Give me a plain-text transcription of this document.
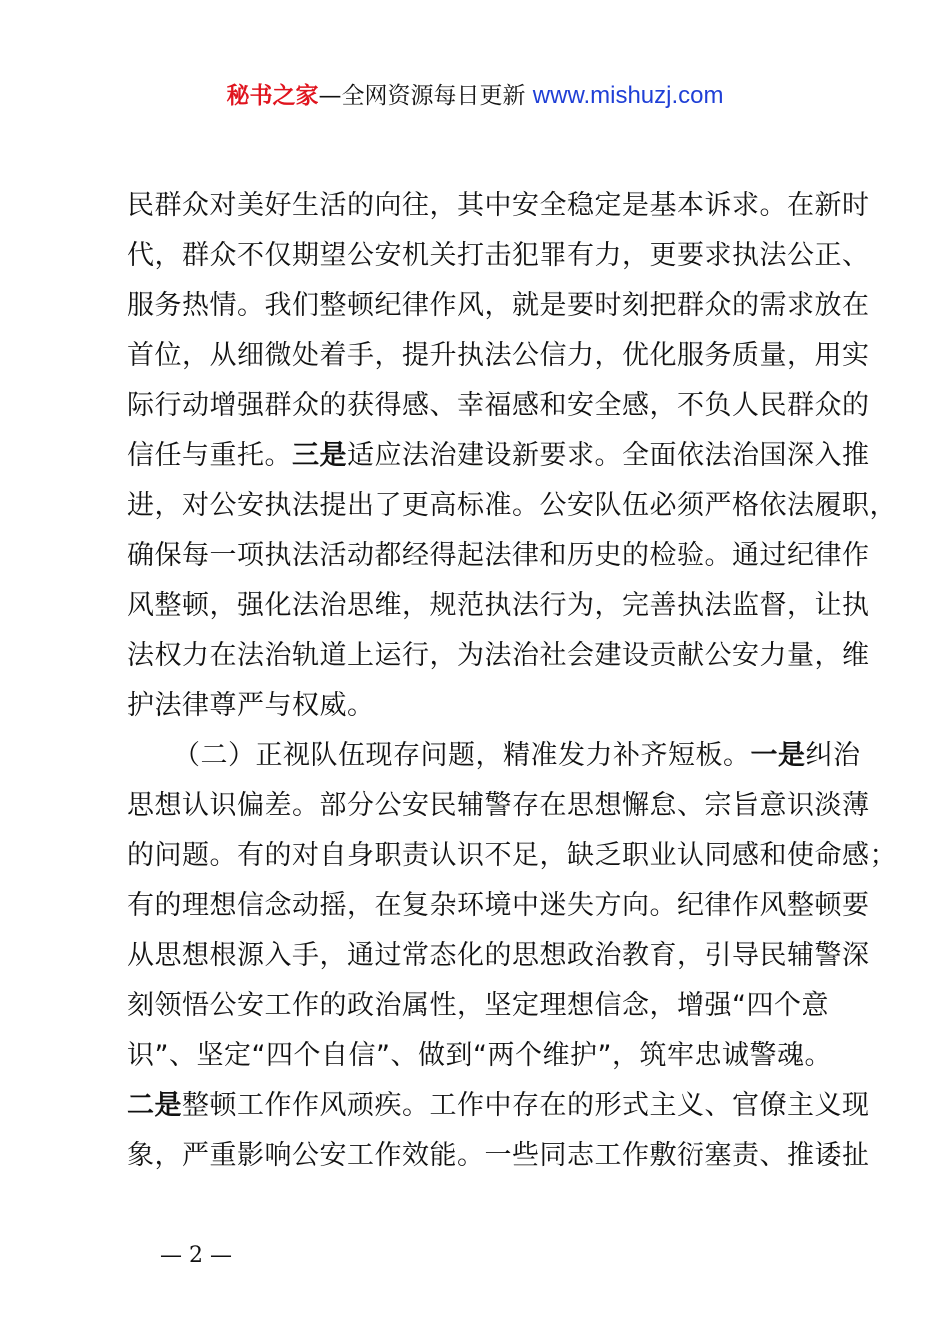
秘书之家—全网资源每日更新 www.mishuzj.com
民群众对美好生活的向往，其中安全稳定是基本诉求。在新时
代，群众不仅期望公安机关打击犯罪有力，更要求执法公正、
服务热情。我们整顿纪律作风，就是要时刻把群众的需求放在
首位，从细微处着手，提升执法公信力，优化服务质量，用实
际行动增强群众的获得感、幸福感和安全感，不负人民群众的
信任与重托。三是适应法治建设新要求。全面依法治国深入推
进，对公安执法提出了更高标准。公安队伍必须严格依法履职，
确保每一项执法活动都经得起法律和历史的检验。通过纪律作
风整顿，强化法治思维，规范执法行为，完善执法监督，让执
法权力在法治轨道上运行，为法治社会建设贡献公安力量，维
护法律尊严与权威。
（二）正视队伍现存问题，精准发力补齐短板。一是纠治
思想认识偏差。部分公安民辅警存在思想懈怠、宗旨意识淡薄
的问题。有的对自身职责认识不足，缺乏职业认同感和使命感；
有的理想信念动摇，在复杂环境中迷失方向。纪律作风整顿要
从思想根源入手，通过常态化的思想政治教育，引导民辅警深
刻领悟公安工作的政治属性，坚定理想信念，增强“四个意
识”、坚定“四个自信”、做到“两个维护”，筑牢忠诚警魂。
二是整顿工作作风顽疾。工作中存在的形式主义、官僚主义现
象，严重影响公安工作效能。一些同志工作敷衍塞责、推诿扯
— 2 —
